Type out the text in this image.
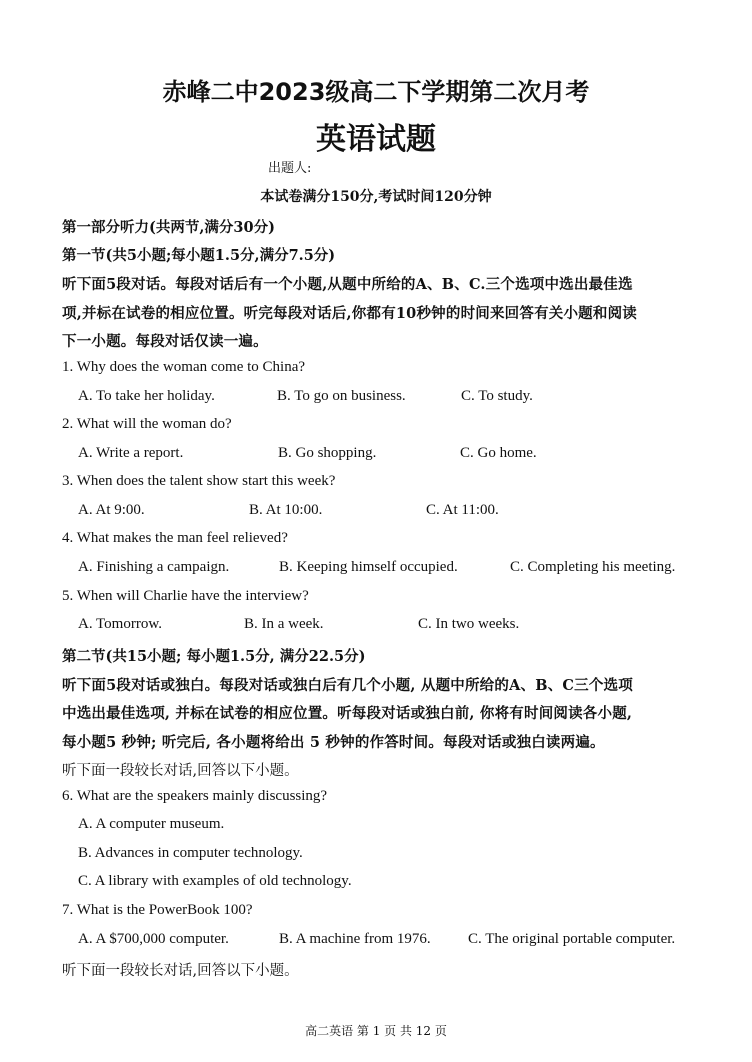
赤峰二中2023级高二下学期第二次月考
英语试题
出题人:
本试卷满分150分,考试时间120分钟
第一部分听力(共两节,满分30分)
第一节(共5小题;每小题1.5分,满分7.5分)
听下面5段对话。每段对话后有一个小题,从题中所给的A、B、C.三个选项中选出最佳选
项,并标在试卷的相应位置。听完每段对话后,你都有10秒钟的时间来回答有关小题和阅读
下一小题。每段对话仅读一遍。
1. Why does the woman come to China?
A. To take her holiday.	B. To go on business.	C. To study.
2. What will the woman do?
A. Write a report.	B. Go shopping.	C. Go home.
3. When does the talent show start this week?
A. At 9:00.	B. At 10:00.	C. At 11:00.
4. What makes the man feel relieved?
A. Finishing a campaign.	B. Keeping himself occupied.	C. Completing his meeting.
5. When will Charlie have the interview?
A. Tomorrow.	B. In a week.	C. In two weeks.
第二节(共15小题; 每小题1.5分, 满分22.5分)
听下面5段对话或独白。每段对话或独白后有几个小题, 从题中所给的A、B、C三个选项
中选出最佳选项, 并标在试卷的相应位置。听每段对话或独白前, 你将有时间阅读各小题,
每小题5 秒钟; 听完后, 各小题将给出 5 秒钟的作答时间。每段对话或独白读两遍。
听下面一段较长对话,回答以下小题。
6. What are the speakers mainly discussing?
A. A computer museum.
B. Advances in computer technology.
C. A library with examples of old technology.
7. What is the PowerBook 100?
A. A $700,000 computer.	B. A machine from 1976. C. The original portable computer.
听下面一段较长对话,回答以下小题。
高二英语 第 1 页 共 12 页
